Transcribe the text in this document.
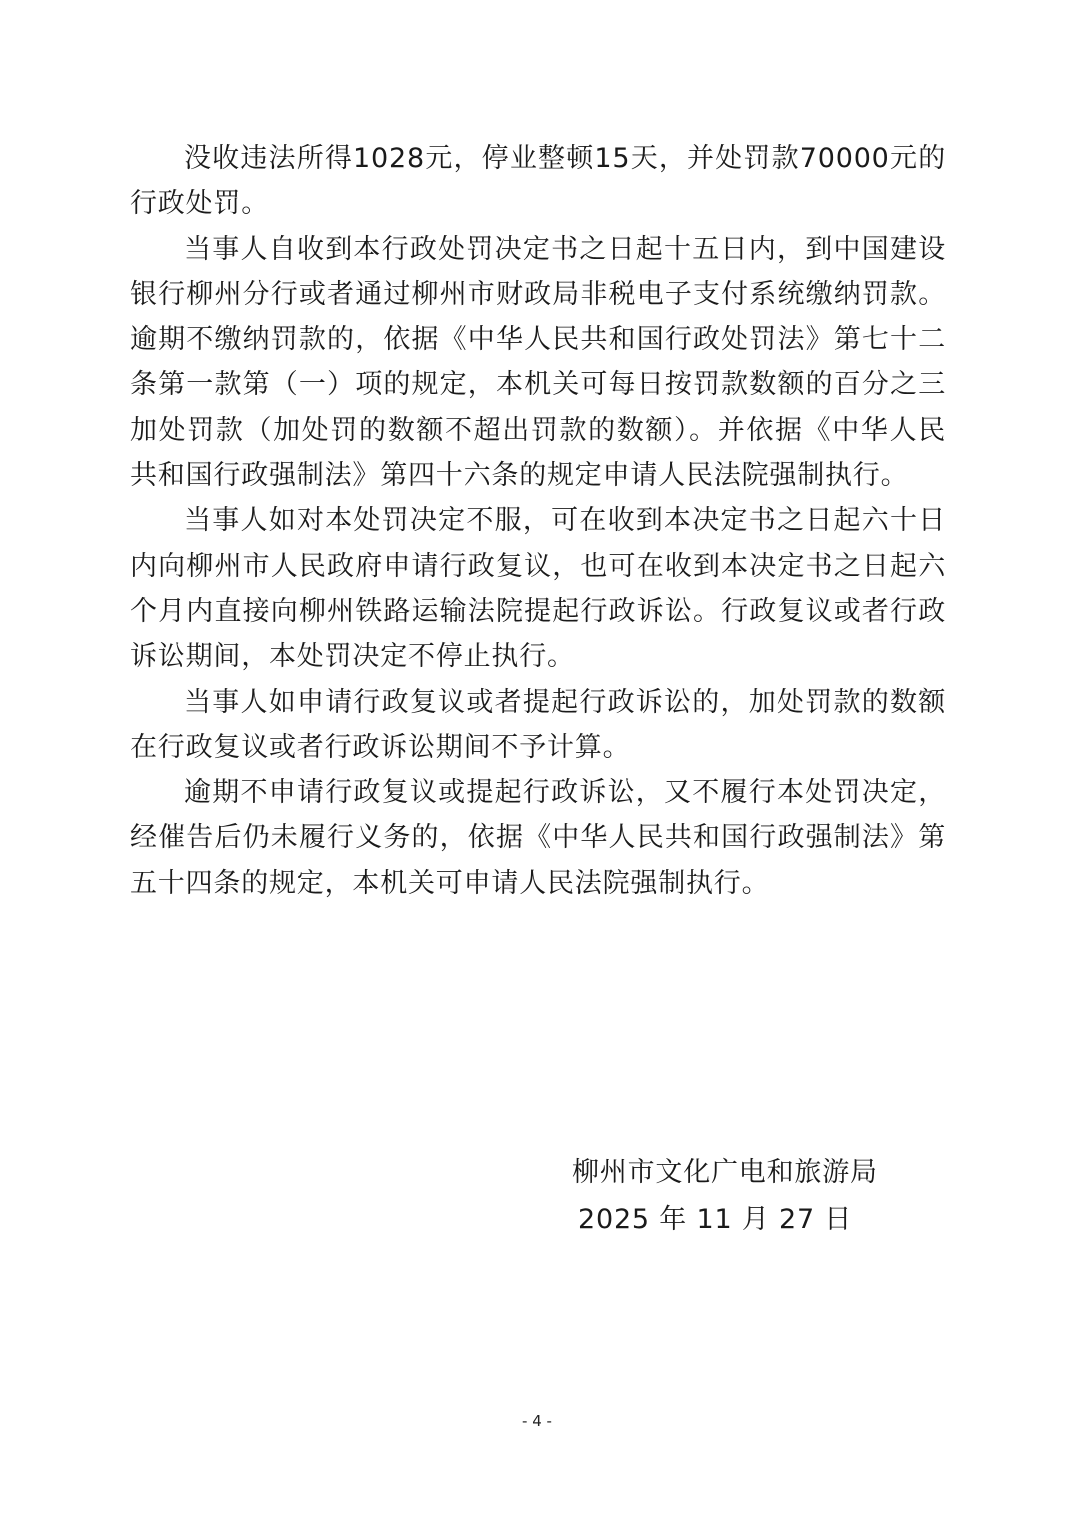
没收违法所得1028元，停业整顿15天，并处罚款70000元的行政处罚。

当事人自收到本行政处罚决定书之日起十五日内，到中国建设银行柳州分行或者通过柳州市财政局非税电子支付系统缴纳罚款。逾期不缴纳罚款的，依据《中华人民共和国行政处罚法》第七十二条第一款第（一）项的规定，本机关可每日按罚款数额的百分之三加处罚款（加处罚的数额不超出罚款的数额）。并依据《中华人民共和国行政强制法》第四十六条的规定申请人民法院强制执行。

当事人如对本处罚决定不服，可在收到本决定书之日起六十日内向柳州市人民政府申请行政复议，也可在收到本决定书之日起六个月内直接向柳州铁路运输法院提起行政诉讼。行政复议或者行政诉讼期间，本处罚决定不停止执行。

当事人如申请行政复议或者提起行政诉讼的，加处罚款的数额在行政复议或者行政诉讼期间不予计算。

逾期不申请行政复议或提起行政诉讼，又不履行本处罚决定，经催告后仍未履行义务的，依据《中华人民共和国行政强制法》第五十四条的规定，本机关可申请人民法院强制执行。

柳州市文化广电和旅游局
2025 年 11 月 27 日
- 4 -
